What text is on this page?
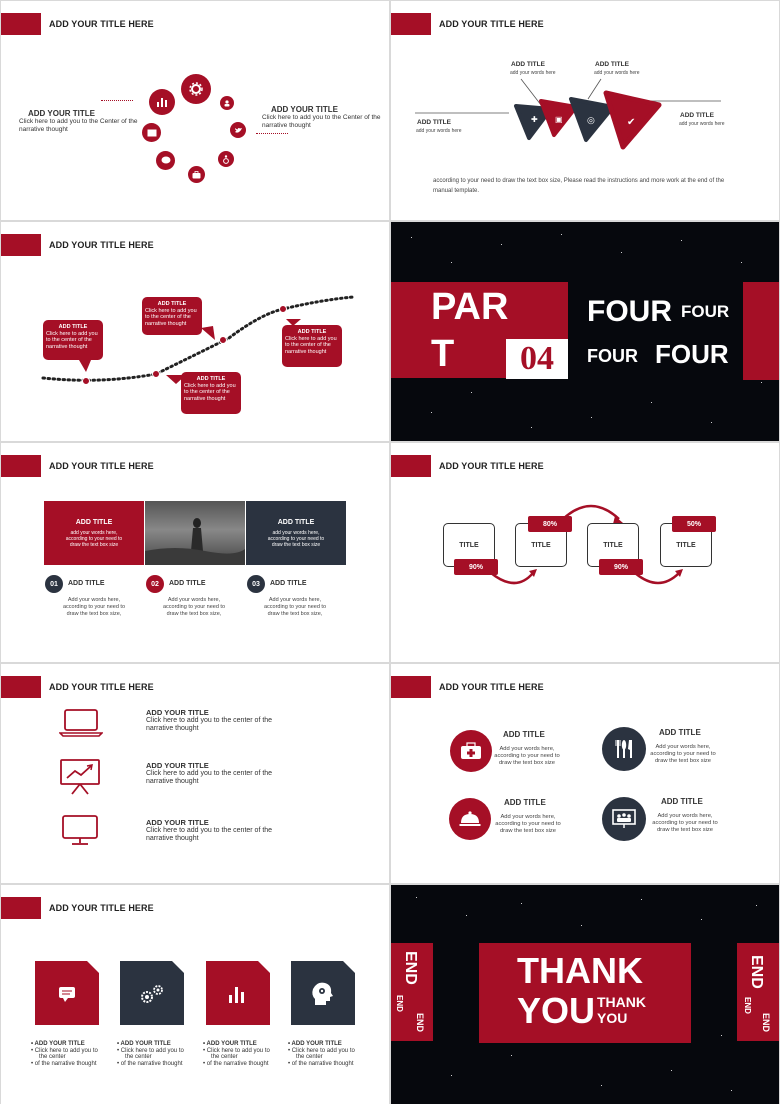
ADD YOUR TITLE HERE
ADD YOUR TITLE
Click here to add you to the Center of the narrative thought
ADD YOUR TITLE
Click here to add you to the Center of the narrative thought
ADD YOUR TITLE HERE
✚ ▣	◎	✔
ADD TITLE
add your words here
ADD TITLE
add your words here
ADD TITLE
add your words here
ADD TITLE
add your words here
according to your need to draw the text box size, Please read the instructions and more work at the end of the manual template.
ADD YOUR TITLE HERE
ADD TITLE
Click here to add you to the center of the narrative thought
ADD TITLE
Click here to add you to the center of the narrative thought
ADD TITLE
Click here to add you to the center of the narrative thought
ADD TITLE
Click here to add you to the center of the narrative thought
PAR
T	04
FOUR FOUR
FOUR FOUR
ADD YOUR TITLE HERE
ADD TITLE
add your words here, according to your need to draw the text box size
ADD TITLE
add your words here, according to your need to draw the text box size
01	ADD TITLE
Add your words here, according to your need to draw the text box size,
02	ADD TITLE
Add your words here, according to your need to draw the text box size,
03	ADD TITLE
Add your words here, according to your need to draw the text box size,
ADD YOUR TITLE HERE
TITLE	TITLE	TITLE	TITLE
90%
80%
90%
50%
ADD YOUR TITLE HERE
ADD YOUR TITLE
Click here to add you to the center of the narrative thought
ADD YOUR TITLE
Click here to add you to the center of the narrative thought
ADD YOUR TITLE
Click here to add you to the center of the narrative thought
ADD YOUR TITLE HERE
ADD TITLE
Add your words here, according to your need to draw the text box size
ADD TITLE
Add your words here, according to your need to draw the text box size
ADD TITLE
Add your words here, according to your need to draw the text box size
ADD TITLE
Add your words here, according to your need to draw the text box size
ADD YOUR TITLE HERE
• ADD YOUR TITLE
• Click here to add you to
the center
• of the narrative thought
• ADD YOUR TITLE
• Click here to add you to
the center
• of the narrative thought
• ADD YOUR TITLE
• Click here to add you to
the center
• of the narrative thought
• ADD YOUR TITLE
• Click here to add you to
the center
• of the narrative thought
THANK
YOU THANK
YOU
END
END
END
END
END
END
